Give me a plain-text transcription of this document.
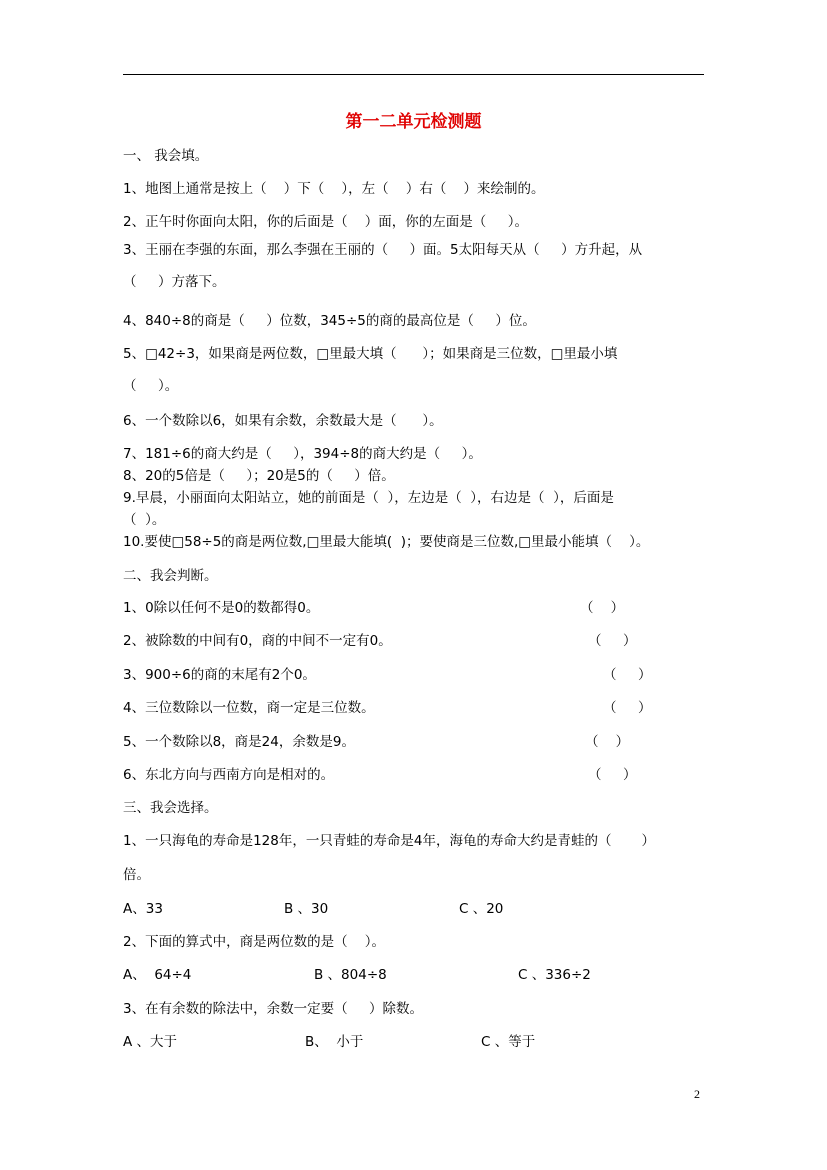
第一二单元检测题
一、 我会填。
1、地图上通常是按上（    ）下（    ），左（    ）右（    ）来绘制的。
2、正午时你面向太阳，你的后面是（    ）面，你的左面是（     ）。
3、王丽在李强的东面，那么李强在王丽的（     ）面。5太阳每天从（     ）方升起，从
（     ）方落下。
4、840÷8的商是（     ）位数，345÷5的商的最高位是（     ）位。
5、□42÷3，如果商是两位数，□里最大填（      ）；如果商是三位数，□里最小填
（     ）。
6、一个数除以6，如果有余数，余数最大是（      ）。
7、181÷6的商大约是（     ），394÷8的商大约是（     ）。
8、20的5倍是（     ）；20是5的（     ）倍。
9.早晨，小丽面向太阳站立，她的前面是（  ），左边是（  ），右边是（  ），后面是
（  ）。
10.要使□58÷5的商是两位数,□里最大能填(  )；要使商是三位数,□里最小能填（    ）。
二、我会判断。
1、0除以任何不是0的数都得0。	（    ）
2、被除数的中间有0，商的中间不一定有0。	（     ）
3、900÷6的商的末尾有2个0。	（     ）
4、三位数除以一位数，商一定是三位数。	（     ）
5、一个数除以8，商是24，余数是9。	（    ）
6、东北方向与西南方向是相对的。	（     ）
三、我会选择。
1、一只海龟的寿命是128年，一只青蛙的寿命是4年，海龟的寿命大约是青蛙的（       ）
倍。
A、33	B 、30	C 、20
2、下面的算式中，商是两位数的是（    ）。
A、  64÷4	B 、804÷8	C 、336÷2
3、在有余数的除法中，余数一定要（     ）除数。
A 、大于	B、  小于	C 、等于
2
